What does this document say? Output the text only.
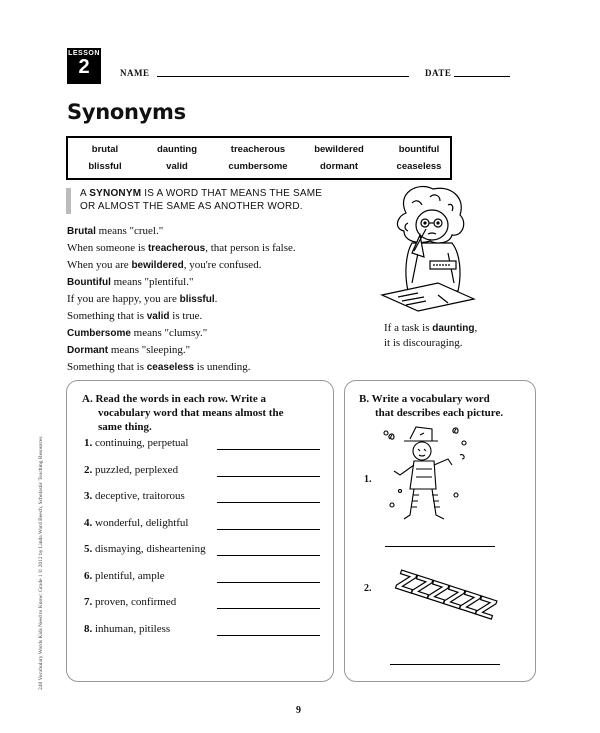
LESSON
2	NAME	DATE
Synonyms
brutal	daunting	treacherous	bewildered	bountiful
blissful	valid	cumbersome	dormant	ceaseless
A SYNONYM IS A WORD THAT MEANS THE SAME
OR ALMOST THE SAME AS ANOTHER WORD.
Brutal means "cruel."
When someone is treacherous, that person is false.
When you are bewildered, you're confused.
Bountiful means "plentiful."
If you are happy, you are blissful.
Something that is valid is true.
Cumbersome means "clumsy."
Dormant means "sleeping."
Something that is ceaseless is unending.
If a task is daunting,
it is discouraging.
A. Read the words in each row. Write a
vocabulary word that means almost the
same thing.
1. continuing, perpetual
2. puzzled, perplexed
3. deceptive, traitorous
4. wonderful, delightful
5. dismaying, disheartening
6. plentiful, ample
7. proven, confirmed
8. inhuman, pitiless
B. Write a vocabulary word
that describes each picture.
1.
2. ZZZZZZ
240 Vocabulary Words Kids Need to Know: Grade 1 © 2012 by Linda Ward Beech, Scholastic Teaching Resources
9
